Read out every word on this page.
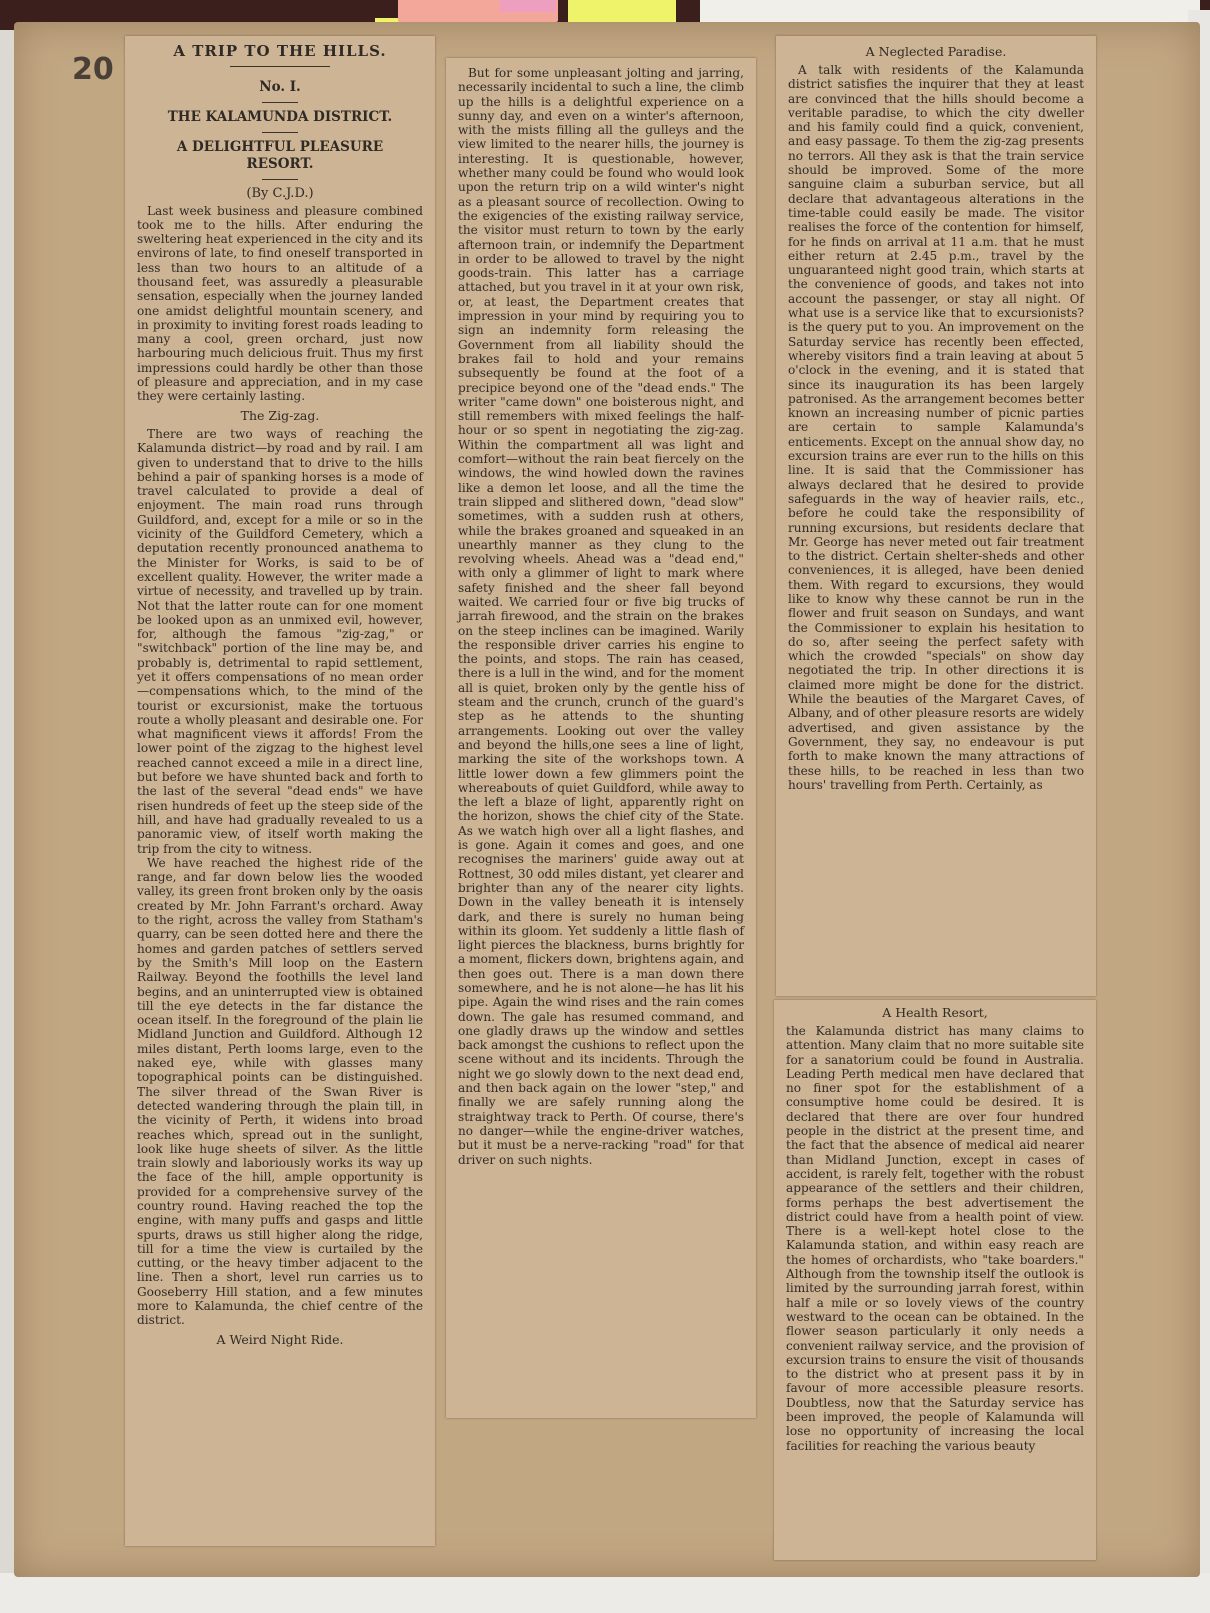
20
A TRIP TO THE HILLS.
No. I.
THE KALAMUNDA DISTRICT.
A DELIGHTFUL PLEASURE RESORT.
(By C.J.D.)

Last week business and pleasure combined took me to the hills. After enduring the sweltering heat experienced in the city and its environs of late, to find oneself transported in less than two hours to an altitude of a thousand feet, was assuredly a pleasurable sensation, especially when the journey landed one amidst delightful mountain scenery, and in proximity to inviting forest roads leading to many a cool, green orchard, just now harbouring much delicious fruit. Thus my first impressions could hardly be other than those of pleasure and appreciation, and in my case they were certainly lasting.

The Zig-zag.

There are two ways of reaching the Kalamunda district—by road and by rail. I am given to understand that to drive to the hills behind a pair of spanking horses is a mode of travel calculated to provide a deal of enjoyment. The main road runs through Guildford, and, except for a mile or so in the vicinity of the Guildford Cemetery, which a deputation recently pronounced anathema to the Minister for Works, is said to be of excellent quality. However, the writer made a virtue of necessity, and travelled up by train. Not that the latter route can for one moment be looked upon as an unmixed evil, however, for, although the famous "zig-zag," or "switchback" portion of the line may be, and probably is, detrimental to rapid settlement, yet it offers compensations of no mean order—compensations which, to the mind of the tourist or excursionist, make the tortuous route a wholly pleasant and desirable one. For what magnificent views it affords! From the lower point of the zigzag to the highest level reached cannot exceed a mile in a direct line, but before we have shunted back and forth to the last of the several "dead ends" we have risen hundreds of feet up the steep side of the hill, and have had gradually revealed to us a panoramic view, of itself worth making the trip from the city to witness.

We have reached the highest ride of the range, and far down below lies the wooded valley, its green front broken only by the oasis created by Mr. John Farrant's orchard. Away to the right, across the valley from Statham's quarry, can be seen dotted here and there the homes and garden patches of settlers served by the Smith's Mill loop on the Eastern Railway. Beyond the foothills the level land begins, and an uninterrupted view is obtained till the eye detects in the far distance the ocean itself. In the foreground of the plain lie Midland Junction and Guildford. Although 12 miles distant, Perth looms large, even to the naked eye, while with glasses many topographical points can be distinguished. The silver thread of the Swan River is detected wandering through the plain till, in the vicinity of Perth, it widens into broad reaches which, spread out in the sunlight, look like huge sheets of silver. As the little train slowly and laboriously works its way up the face of the hill, ample opportunity is provided for a comprehensive survey of the country round. Having reached the top the engine, with many puffs and gasps and little spurts, draws us still higher along the ridge, till for a time the view is curtailed by the cutting, or the heavy timber adjacent to the line. Then a short, level run carries us to Gooseberry Hill station, and a few minutes more to Kalamunda, the chief centre of the district.

A Weird Night Ride.

But for some unpleasant jolting and jarring, necessarily incidental to such a line, the climb up the hills is a delightful experience on a sunny day, and even on a winter's afternoon, with the mists filling all the gulleys and the view limited to the nearer hills, the journey is interesting. It is questionable, however, whether many could be found who would look upon the return trip on a wild winter's night as a pleasant source of recollection. Owing to the exigencies of the existing railway service, the visitor must return to town by the early afternoon train, or indemnify the Department in order to be allowed to travel by the night goods-train. This latter has a carriage attached, but you travel in it at your own risk, or, at least, the Department creates that impression in your mind by requiring you to sign an indemnity form releasing the Government from all liability should the brakes fail to hold and your remains subsequently be found at the foot of a precipice beyond one of the "dead ends." The writer "came down" one boisterous night, and still remembers with mixed feelings the half-hour or so spent in negotiating the zig-zag. Within the compartment all was light and comfort—without the rain beat fiercely on the windows, the wind howled down the ravines like a demon let loose, and all the time the train slipped and slithered down, "dead slow" sometimes, with a sudden rush at others, while the brakes groaned and squeaked in an unearthly manner as they clung to the revolving wheels. Ahead was a "dead end," with only a glimmer of light to mark where safety finished and the sheer fall beyond waited. We carried four or five big trucks of jarrah firewood, and the strain on the brakes on the steep inclines can be imagined. Warily the responsible driver carries his engine to the points, and stops. The rain has ceased, there is a lull in the wind, and for the moment all is quiet, broken only by the gentle hiss of steam and the crunch, crunch of the guard's step as he attends to the shunting arrangements. Looking out over the valley and beyond the hills,one sees a line of light, marking the site of the workshops town. A little lower down a few glimmers point the whereabouts of quiet Guildford, while away to the left a blaze of light, apparently right on the horizon, shows the chief city of the State. As we watch high over all a light flashes, and is gone. Again it comes and goes, and one recognises the mariners' guide away out at Rottnest, 30 odd miles distant, yet clearer and brighter than any of the nearer city lights. Down in the valley beneath it is intensely dark, and there is surely no human being within its gloom. Yet suddenly a little flash of light pierces the blackness, burns brightly for a moment, flickers down, brightens again, and then goes out. There is a man down there somewhere, and he is not alone—he has lit his pipe. Again the wind rises and the rain comes down. The gale has resumed command, and one gladly draws up the window and settles back amongst the cushions to reflect upon the scene without and its incidents. Through the night we go slowly down to the next dead end, and then back again on the lower "step," and finally we are safely running along the straightway track to Perth. Of course, there's no danger—while the engine-driver watches, but it must be a nerve-racking "road" for that driver on such nights.

A Neglected Paradise.

A talk with residents of the Kalamunda district satisfies the inquirer that they at least are convinced that the hills should become a veritable paradise, to which the city dweller and his family could find a quick, convenient, and easy passage. To them the zig-zag presents no terrors. All they ask is that the train service should be improved. Some of the more sanguine claim a suburban service, but all declare that advantageous alterations in the time-table could easily be made. The visitor realises the force of the contention for himself, for he finds on arrival at 11 a.m. that he must either return at 2.45 p.m., travel by the unguaranteed night good train, which starts at the convenience of goods, and takes not into account the passenger, or stay all night. Of what use is a service like that to excursionists? is the query put to you. An improvement on the Saturday service has recently been effected, whereby visitors find a train leaving at about 5 o'clock in the evening, and it is stated that since its inauguration its has been largely patronised. As the arrangement becomes better known an increasing number of picnic parties are certain to sample Kalamunda's enticements. Except on the annual show day, no excursion trains are ever run to the hills on this line. It is said that the Commissioner has always declared that he desired to provide safeguards in the way of heavier rails, etc., before he could take the responsibility of running excursions, but residents declare that Mr. George has never meted out fair treatment to the district. Certain shelter-sheds and other conveniences, it is alleged, have been denied them. With regard to excursions, they would like to know why these cannot be run in the flower and fruit season on Sundays, and want the Commissioner to explain his hesitation to do so, after seeing the perfect safety with which the crowded "specials" on show day negotiated the trip. In other directions it is claimed more might be done for the district. While the beauties of the Margaret Caves, of Albany, and of other pleasure resorts are widely advertised, and given assistance by the Government, they say, no endeavour is put forth to make known the many attractions of these hills, to be reached in less than two hours' travelling from Perth. Certainly, as

A Health Resort,

the Kalamunda district has many claims to attention. Many claim that no more suitable site for a sanatorium could be found in Australia. Leading Perth medical men have declared that no finer spot for the establishment of a consumptive home could be desired. It is declared that there are over four hundred people in the district at the present time, and the fact that the absence of medical aid nearer than Midland Junction, except in cases of accident, is rarely felt, together with the robust appearance of the settlers and their children, forms perhaps the best advertisement the district could have from a health point of view. There is a well-kept hotel close to the Kalamunda station, and within easy reach are the homes of orchardists, who "take boarders." Although from the township itself the outlook is limited by the surrounding jarrah forest, within half a mile or so lovely views of the country westward to the ocean can be obtained. In the flower season particularly it only needs a convenient railway service, and the provision of excursion trains to ensure the visit of thousands to the district who at present pass it by in favour of more accessible pleasure resorts. Doubtless, now that the Saturday service has been improved, the people of Kalamunda will lose no opportunity of increasing the local facilities for reaching the various beauty
